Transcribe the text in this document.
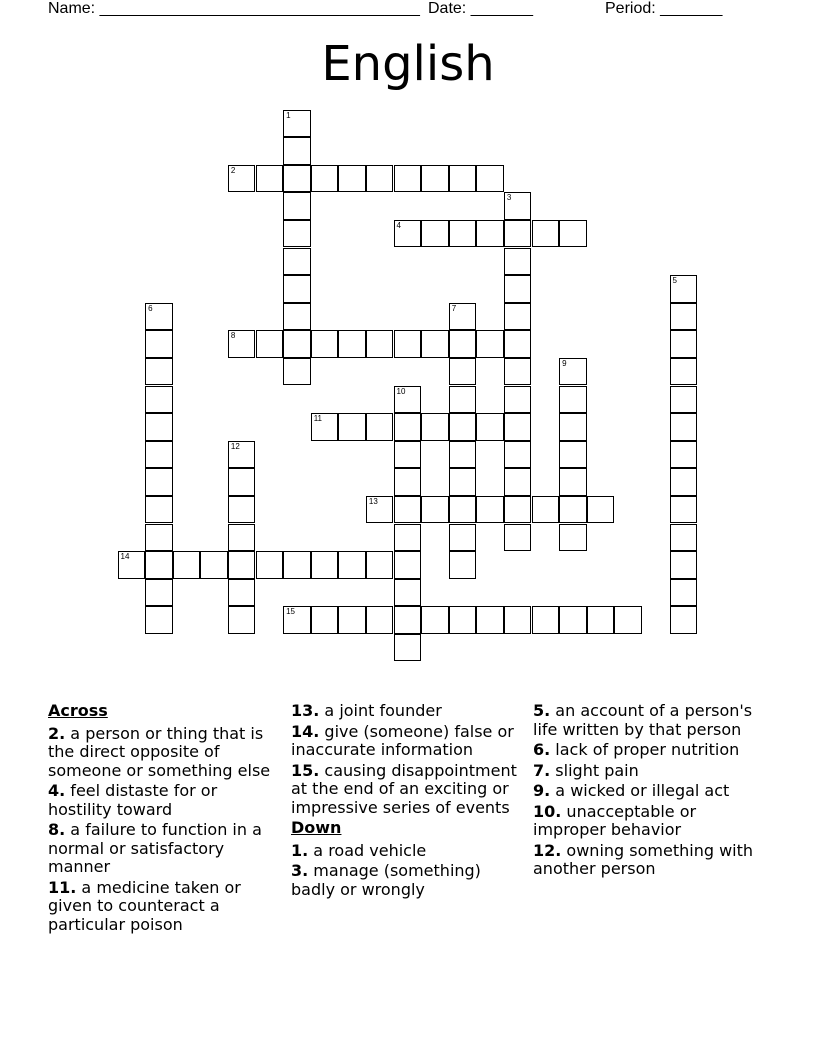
Name: ____________________________________ Date: _______	Period: _______
English
1
2
3
4
5
6	7
8
9
10
11
12
13
14
15
Across
2. a person or thing that is the direct opposite of someone or something else
4. feel distaste for or hostility toward
8. a failure to function in a normal or satisfactory manner
11. a medicine taken or given to counteract a particular poison
13. a joint founder
14. give (someone) false or inaccurate information
15. causing disappointment at the end of an exciting or impressive series of events
Down
1. a road vehicle
3. manage (something) badly or wrongly
5. an account of a person's life written by that person
6. lack of proper nutrition
7. slight pain
9. a wicked or illegal act
10. unacceptable or improper behavior
12. owning something with another person
